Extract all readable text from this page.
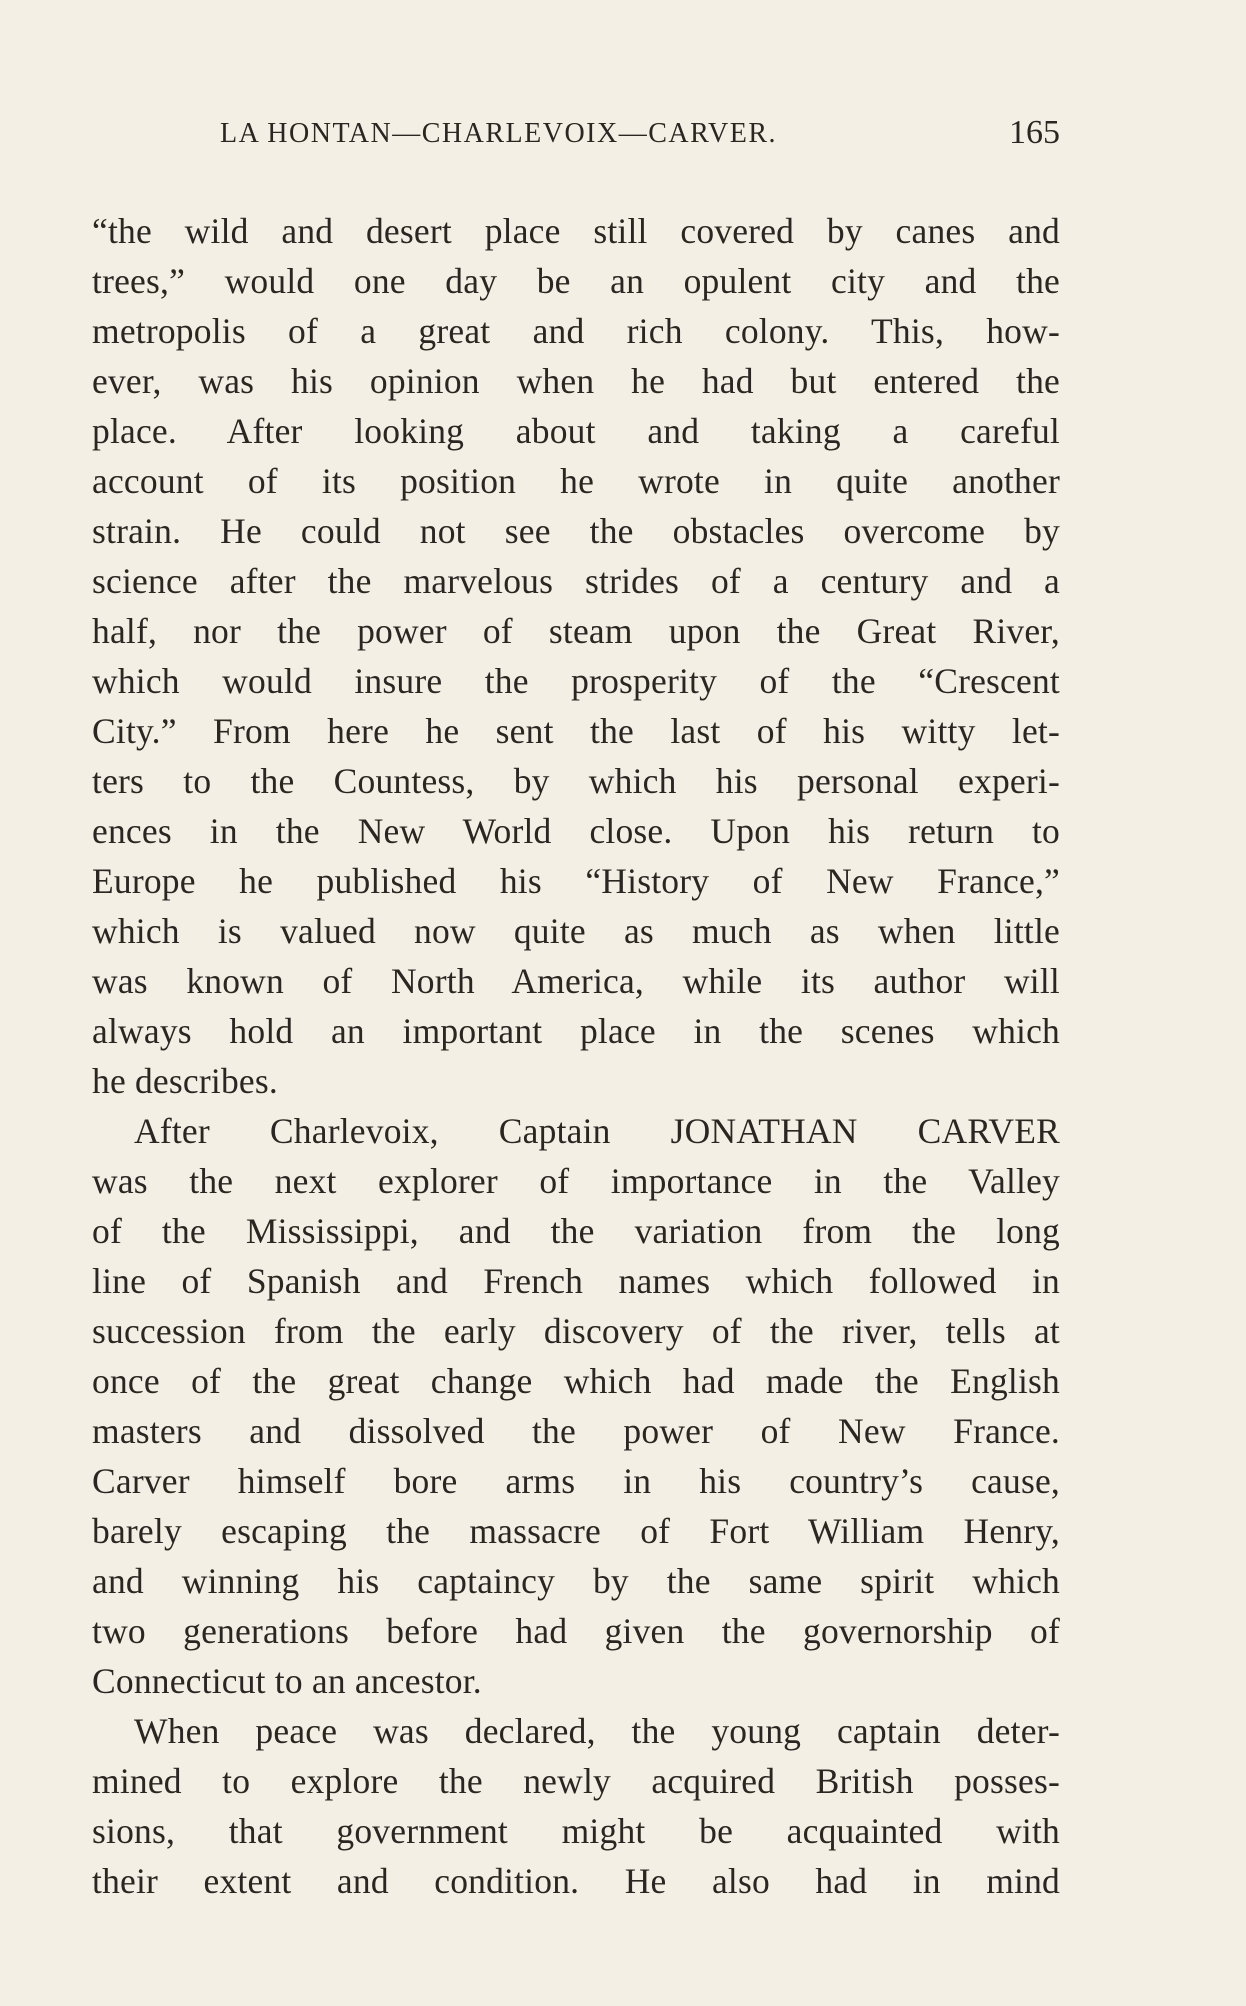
LA HONTAN—CHARLEVOIX—CARVER.	165
“the wild and desert place still covered by canes and
trees,” would one day be an opulent city and the
metropolis of a great and rich colony. This, how-
ever, was his opinion when he had but entered the
place. After looking about and taking a careful
account of its position he wrote in quite another
strain. He could not see the obstacles overcome by
science after the marvelous strides of a century and a
half, nor the power of steam upon the Great River,
which would insure the prosperity of the “Crescent
City.” From here he sent the last of his witty let-
ters to the Countess, by which his personal experi-
ences in the New World close. Upon his return to
Europe he published his “History of New France,”
which is valued now quite as much as when little
was known of North America, while its author will
always hold an important place in the scenes which
he describes.
After Charlevoix, Captain JONATHAN CARVER
was the next explorer of importance in the Valley
of the Mississippi, and the variation from the long
line of Spanish and French names which followed in
succession from the early discovery of the river, tells at
once of the great change which had made the English
masters and dissolved the power of New France.
Carver himself bore arms in his country’s cause,
barely escaping the massacre of Fort William Henry,
and winning his captaincy by the same spirit which
two generations before had given the governorship of
Connecticut to an ancestor.
When peace was declared, the young captain deter-
mined to explore the newly acquired British posses-
sions, that government might be acquainted with
their extent and condition. He also had in mind
